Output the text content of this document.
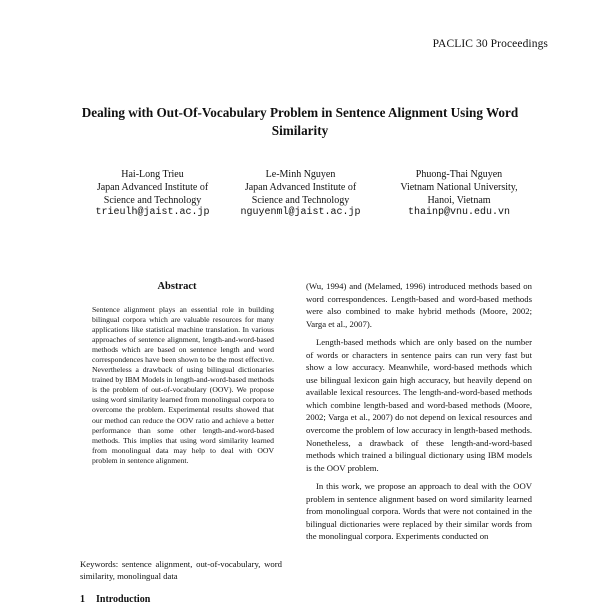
PACLIC 30 Proceedings
Dealing with Out-Of-Vocabulary Problem in Sentence Alignment Using Word Similarity
Hai-Long Trieu
Japan Advanced Institute of
Science and Technology
trieulh@jaist.ac.jp
Le-Minh Nguyen
Japan Advanced Institute of
Science and Technology
nguyenml@jaist.ac.jp
Phuong-Thai Nguyen
Vietnam National University,
Hanoi, Vietnam
thainp@vnu.edu.vn
Abstract
Sentence alignment plays an essential role in building bilingual corpora which are valuable resources for many applications like statistical machine translation. In various approaches of sentence alignment, length-and-word-based methods which are based on sentence length and word correspondences have been shown to be the most effective. Nevertheless a drawback of using bilingual dictionaries trained by IBM Models in length-and-word-based methods is the problem of out-of-vocabulary (OOV). We propose using word similarity learned from monolingual corpora to overcome the problem. Experimental results showed that our method can reduce the OOV ratio and achieve a better performance than some other length-and-word-based methods. This implies that using word similarity learned from monolingual data may help to deal with OOV problem in sentence alignment.
Keywords: sentence alignment, out-of-vocabulary, word similarity, monolingual data
1 Introduction

(Wu, 1994) and (Melamed, 1996) introduced methods based on word correspondences. Length-based and word-based methods were also combined to make hybrid methods (Moore, 2002; Varga et al., 2007).

Length-based methods which are only based on the number of words or characters in sentence pairs can run very fast but show a low accuracy. Meanwhile, word-based methods which use bilingual lexicon gain high accuracy, but heavily depend on available lexical resources. The length-and-word-based methods which combine length-based and word-based methods (Moore, 2002; Varga et al., 2007) do not depend on lexical resources and overcome the problem of low accuracy in length-based methods. Nonetheless, a drawback of these length-and-word-based methods which trained a bilingual dictionary using IBM models is the OOV problem.

In this work, we propose an approach to deal with the OOV problem in sentence alignment based on word similarity learned from monolingual corpora. Words that were not contained in the bilingual dictionaries were replaced by their similar words from the monolingual corpora. Experiments conducted on
